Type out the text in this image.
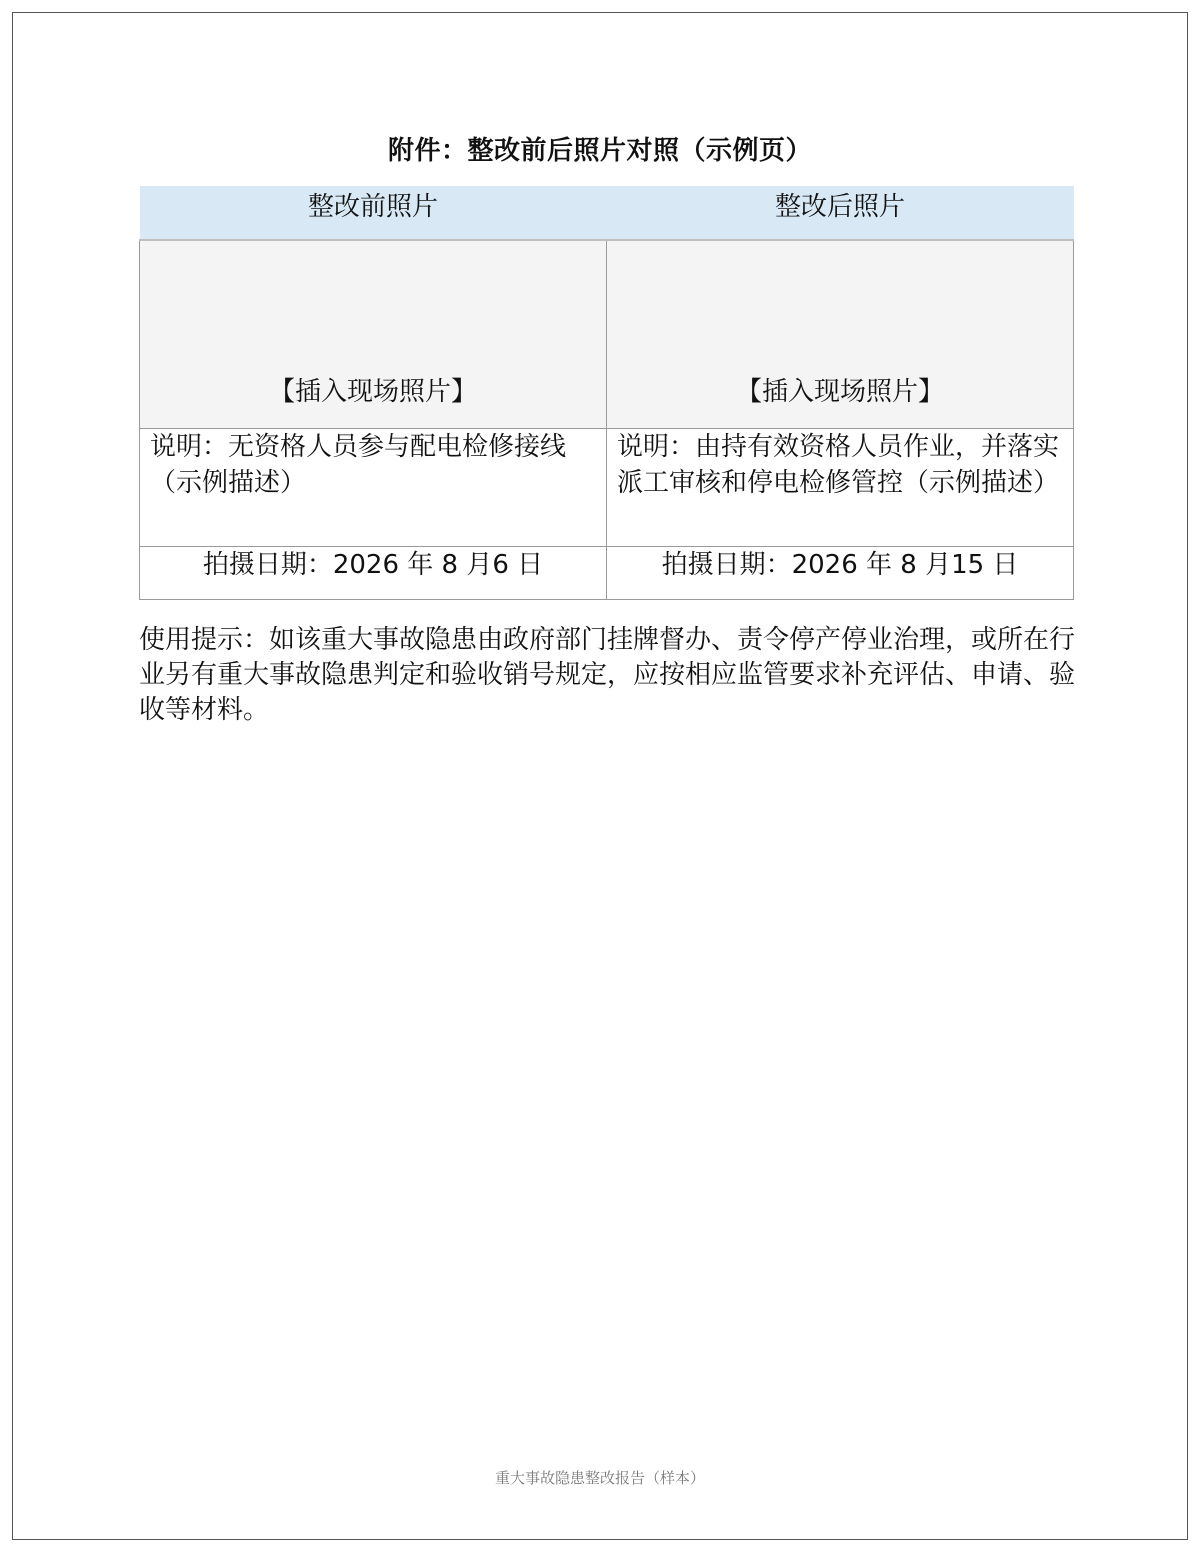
附件：整改前后照片对照（示例页）
整改前照片	整改后照片

【插入现场照片】	【插入现场照片】

说明：无资格人员参与配电检修接线（示例描述）	说明：由持有效资格人员作业，并落实派工审核和停电检修管控（示例描述）
拍摄日期：2026 年 8 月6 日	拍摄日期：2026 年 8 月15 日
使用提示：如该重大事故隐患由政府部门挂牌督办、责令停产停业治理，或所在行业另有重大事故隐患判定和验收销号规定，应按相应监管要求补充评估、申请、验收等材料。
重大事故隐患整改报告（样本）
